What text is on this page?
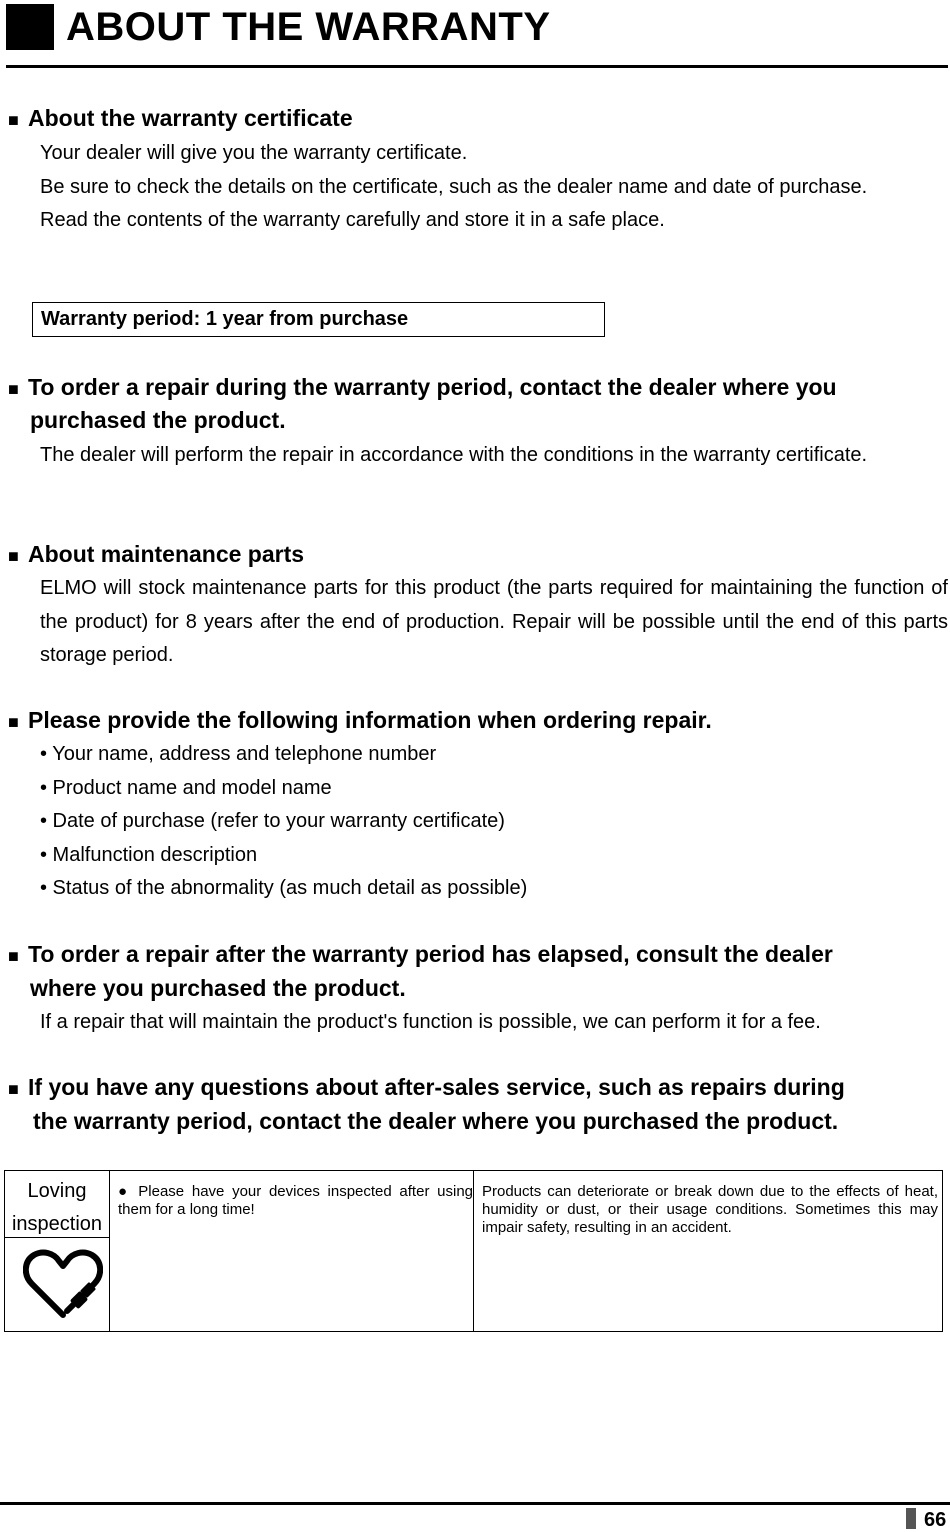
ABOUT THE WARRANTY
■ About the warranty certificate

Your dealer will give you the warranty certificate.

Be sure to check the details on the certificate, such as the dealer name and date of purchase.

Read the contents of the warranty carefully and store it in a safe place.

Warranty period: 1 year from purchase
■ To order a repair during the warranty period, contact the dealer where you
purchased the product.
The dealer will perform the repair in accordance with the conditions in the warranty certificate.
■ About maintenance parts
ELMO will stock maintenance parts for this product (the parts required for maintaining the function of the product) for 8 years after the end of production. Repair will be possible until the end of this parts storage period.
■ Please provide the following information when ordering repair.
• Your name, address and telephone number
• Product name and model name
• Date of purchase (refer to your warranty certificate)
• Malfunction description
• Status of the abnormality (as much detail as possible)
■ To order a repair after the warranty period has elapsed, consult the dealer
where you purchased the product.
If a repair that will maintain the product's function is possible, we can perform it for a fee.
■ If you have any questions about after-sales service, such as repairs during
the warranty period, contact the dealer where you purchased the product.
Loving
inspection
● Please have your devices inspected after using them for a long time!
Products can deteriorate or break down due to the effects of heat, humidity or dust, or their usage conditions. Sometimes this may impair safety, resulting in an accident.
66
